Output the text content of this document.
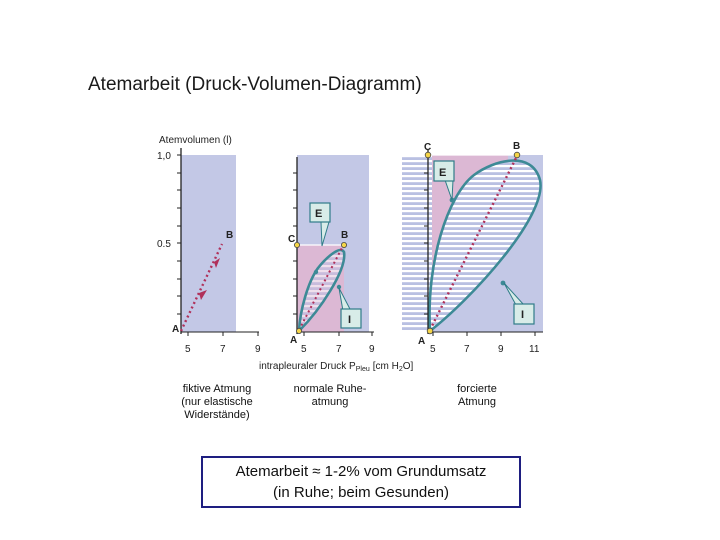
Atemarbeit (Druck-Volumen-Diagramm)
Atemvolumen (l)
1,0
0.5
5	7	9
A
B
5	7	9
C	B
A
E
I
5	7	9	11
C	B
A
E
I
intrapleuraler Druck $P_{Pleu}$ [cm $H_2O$]
fiktive Atmung
(nur elastische
Widerstände)
normale Ruhe-
atmung
forcierte
Atmung
Atemarbeit ≈ 1-2% vom Grundumsatz
(in Ruhe; beim Gesunden)
